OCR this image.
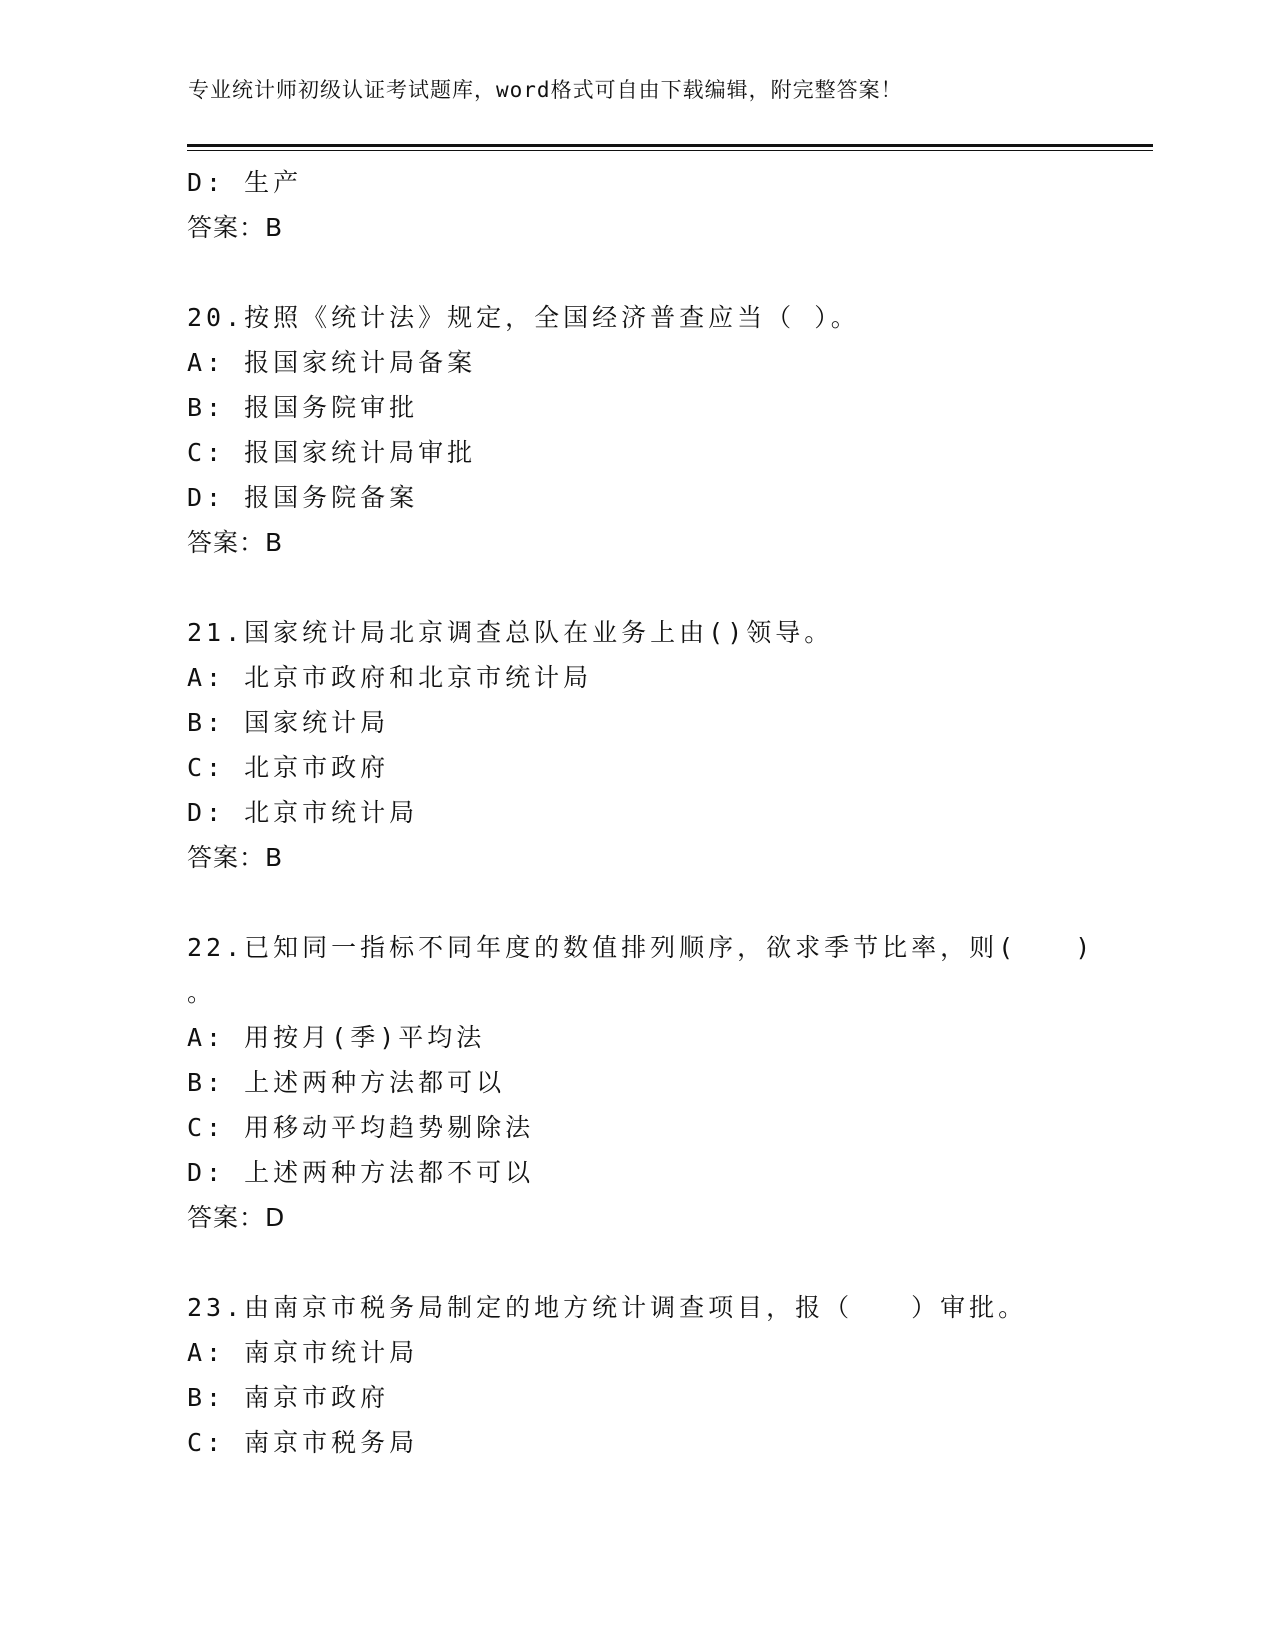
专业统计师初级认证考试题库，word格式可自由下载编辑，附完整答案！
D: 生产
答案：B
20.按照《统计法》规定，全国经济普查应当（ ）。
A: 报国家统计局备案
B: 报国务院审批
C: 报国家统计局审批
D: 报国务院备案
答案：B
21.国家统计局北京调查总队在业务上由()领导。
A: 北京市政府和北京市统计局
B: 国家统计局
C: 北京市政府
D: 北京市统计局
答案：B
22.已知同一指标不同年度的数值排列顺序，欲求季节比率，则(　　)
。
A: 用按月(季)平均法
B: 上述两种方法都可以
C: 用移动平均趋势剔除法
D: 上述两种方法都不可以
答案：D
23.由南京市税务局制定的地方统计调查项目，报（　　）审批。
A: 南京市统计局
B: 南京市政府
C: 南京市税务局
